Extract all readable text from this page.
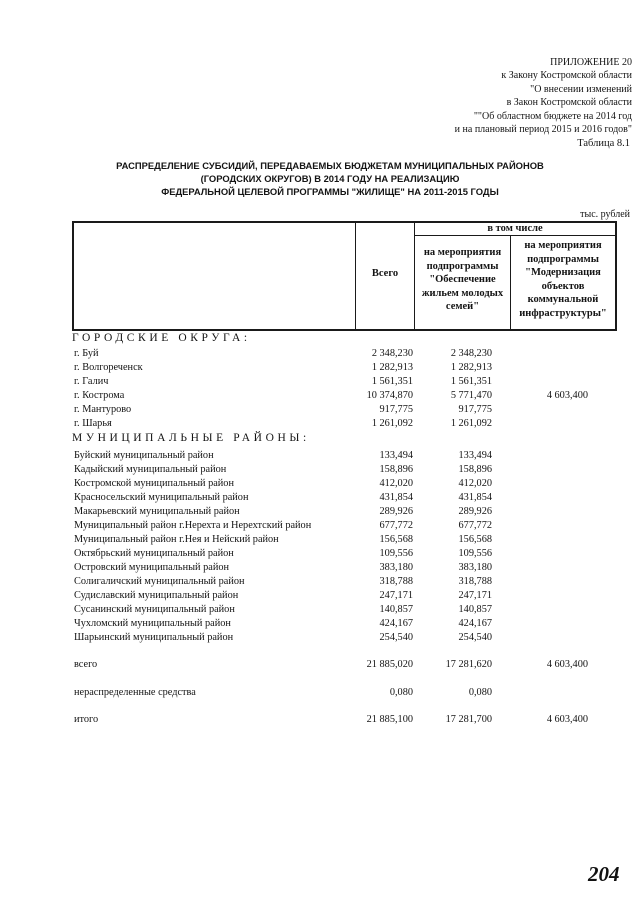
ПРИЛОЖЕНИЕ 20
к Закону Костромской области
"О внесении изменений
в Закон Костромской области
""Об областном бюджете на 2014 год
и на плановый период 2015 и 2016 годов"
Таблица 8.1
РАСПРЕДЕЛЕНИЕ СУБСИДИЙ, ПЕРЕДАВАЕМЫХ БЮДЖЕТАМ МУНИЦИПАЛЬНЫХ РАЙОНОВ
(ГОРОДСКИХ ОКРУГОВ) В 2014 ГОДУ НА РЕАЛИЗАЦИЮ
ФЕДЕРАЛЬНОЙ ЦЕЛЕВОЙ ПРОГРАММЫ "ЖИЛИЩЕ" НА 2011-2015 ГОДЫ
тыс. рублей
Всего
в том числе
на мероприятия
подпрограммы
"Обеспечение
жильем молодых
семей"
на мероприятия
подпрограммы
"Модернизация
объектов
коммунальной
инфраструктуры"
ГОРОДСКИЕ ОКРУГА:
МУНИЦИПАЛЬНЫЕ РАЙОНЫ:
г. Буй	2 348,230	2 348,230
г. Волгореченск	1 282,913	1 282,913
г. Галич	1 561,351	1 561,351
г. Кострома	10 374,870	5 771,470	4 603,400
г. Мантурово	917,775	917,775
г. Шарья	1 261,092	1 261,092
Буйский муниципальный район	133,494	133,494
Кадыйский муниципальный район	158,896	158,896
Костромской муниципальный район	412,020	412,020
Красносельский муниципальный район	431,854	431,854
Макарьевский муниципальный район	289,926	289,926
Муниципальный район г.Нерехта и Нерехтский район	677,772	677,772
Муниципальный район г.Нея и Нейский район	156,568	156,568
Октябрьский муниципальный район	109,556	109,556
Островский муниципальный район	383,180	383,180
Солигаличский муниципальный район	318,788	318,788
Судиславский муниципальный район	247,171	247,171
Сусанинский муниципальный район	140,857	140,857
Чухломский муниципальный район	424,167	424,167
Шарьинский муниципальный район	254,540	254,540
всего	21 885,020	17 281,620	4 603,400
нераспределенные средства	0,080	0,080
итого	21 885,100	17 281,700	4 603,400
204
